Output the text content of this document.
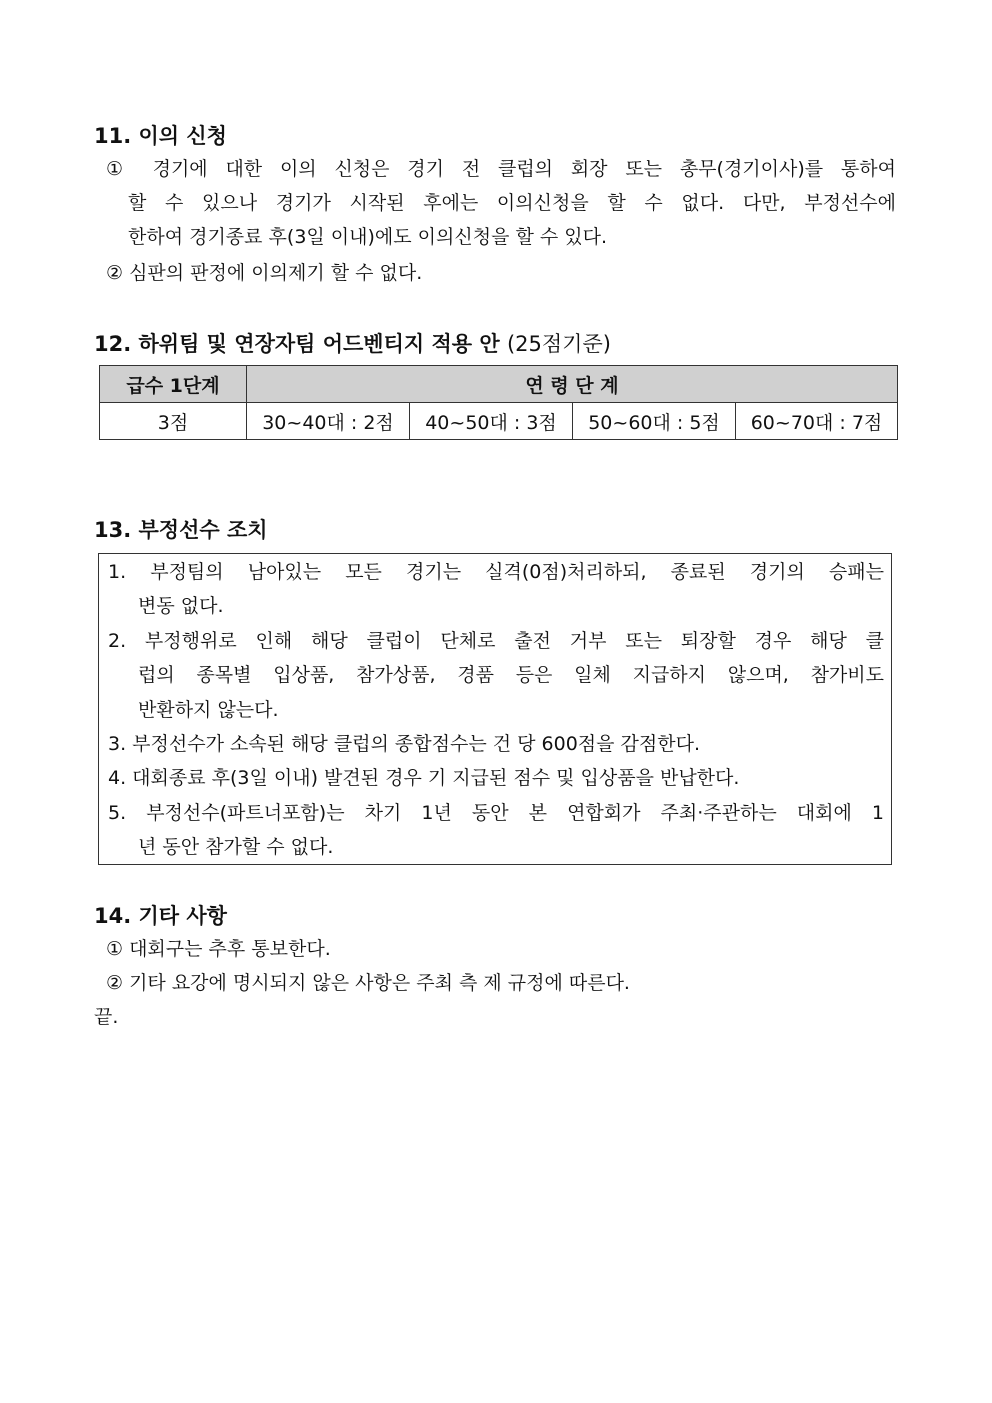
11. 이의 신청
① 경기에 대한 이의 신청은 경기 전 클럽의 회장 또는 총무(경기이사)를 통하여
할 수 있으나 경기가 시작된 후에는 이의신청을 할 수 없다. 다만, 부정선수에
한하여 경기종료 후(3일 이내)에도 이의신청을 할 수 있다.
② 심판의 판정에 이의제기 할 수 없다.
12. 하위팀 및 연장자팀 어드벤티지 적용 안 (25점기준)
급수 1단계	연 령 단 계			
3점	30~40대 : 2점	40~50대 : 3점	50~60대 : 5점	60~70대 : 7점
13. 부정선수 조치
1. 부정팀의 남아있는 모든 경기는 실격(0점)처리하되, 종료된 경기의 승패는
변동 없다.
2. 부정행위로 인해 해당 클럽이 단체로 출전 거부 또는 퇴장할 경우 해당 클
럽의 종목별 입상품, 참가상품, 경품 등은 일체 지급하지 않으며, 참가비도
반환하지 않는다.
3. 부정선수가 소속된 해당 클럽의 종합점수는 건 당 600점을 감점한다.
4. 대회종료 후(3일 이내) 발견된 경우 기 지급된 점수 및 입상품을 반납한다.
5. 부정선수(파트너포함)는 차기 1년 동안 본 연합회가 주최·주관하는 대회에 1
년 동안 참가할 수 없다.
14. 기타 사항
① 대회구는 추후 통보한다.
② 기타 요강에 명시되지 않은 사항은 주최 측 제 규정에 따른다.
끝.
